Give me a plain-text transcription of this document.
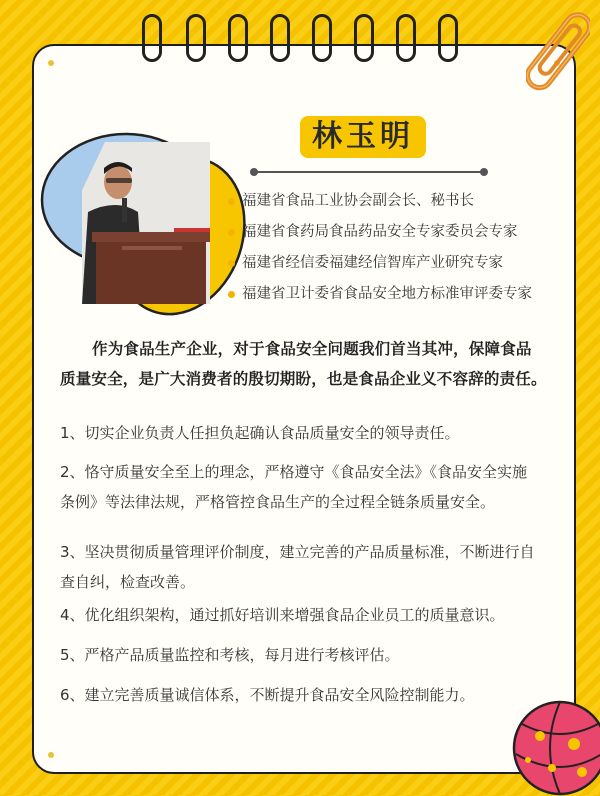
林玉明
福建省食品工业协会副会长、秘书长
福建省食药局食品药品安全专家委员会专家
福建省经信委福建经信智库产业研究专家
福建省卫计委省食品安全地方标准审评委专家

作为食品生产企业，对于食品安全问题我们首当其冲，保障食品

质量安全，是广大消费者的殷切期盼，也是食品企业义不容辞的责任。

1、切实企业负责人任担负起确认食品质量安全的领导责任。
2、恪守质量安全至上的理念，严格遵守《食品安全法》《食品安全实施
条例》等法律法规，严格管控食品生产的全过程全链条质量安全。
3、坚决贯彻质量管理评价制度，建立完善的产品质量标准，不断进行自
查自纠，检查改善。
4、优化组织架构，通过抓好培训来增强食品企业员工的质量意识。
5、严格产品质量监控和考核，每月进行考核评估。
6、建立完善质量诚信体系，不断提升食品安全风险控制能力。
